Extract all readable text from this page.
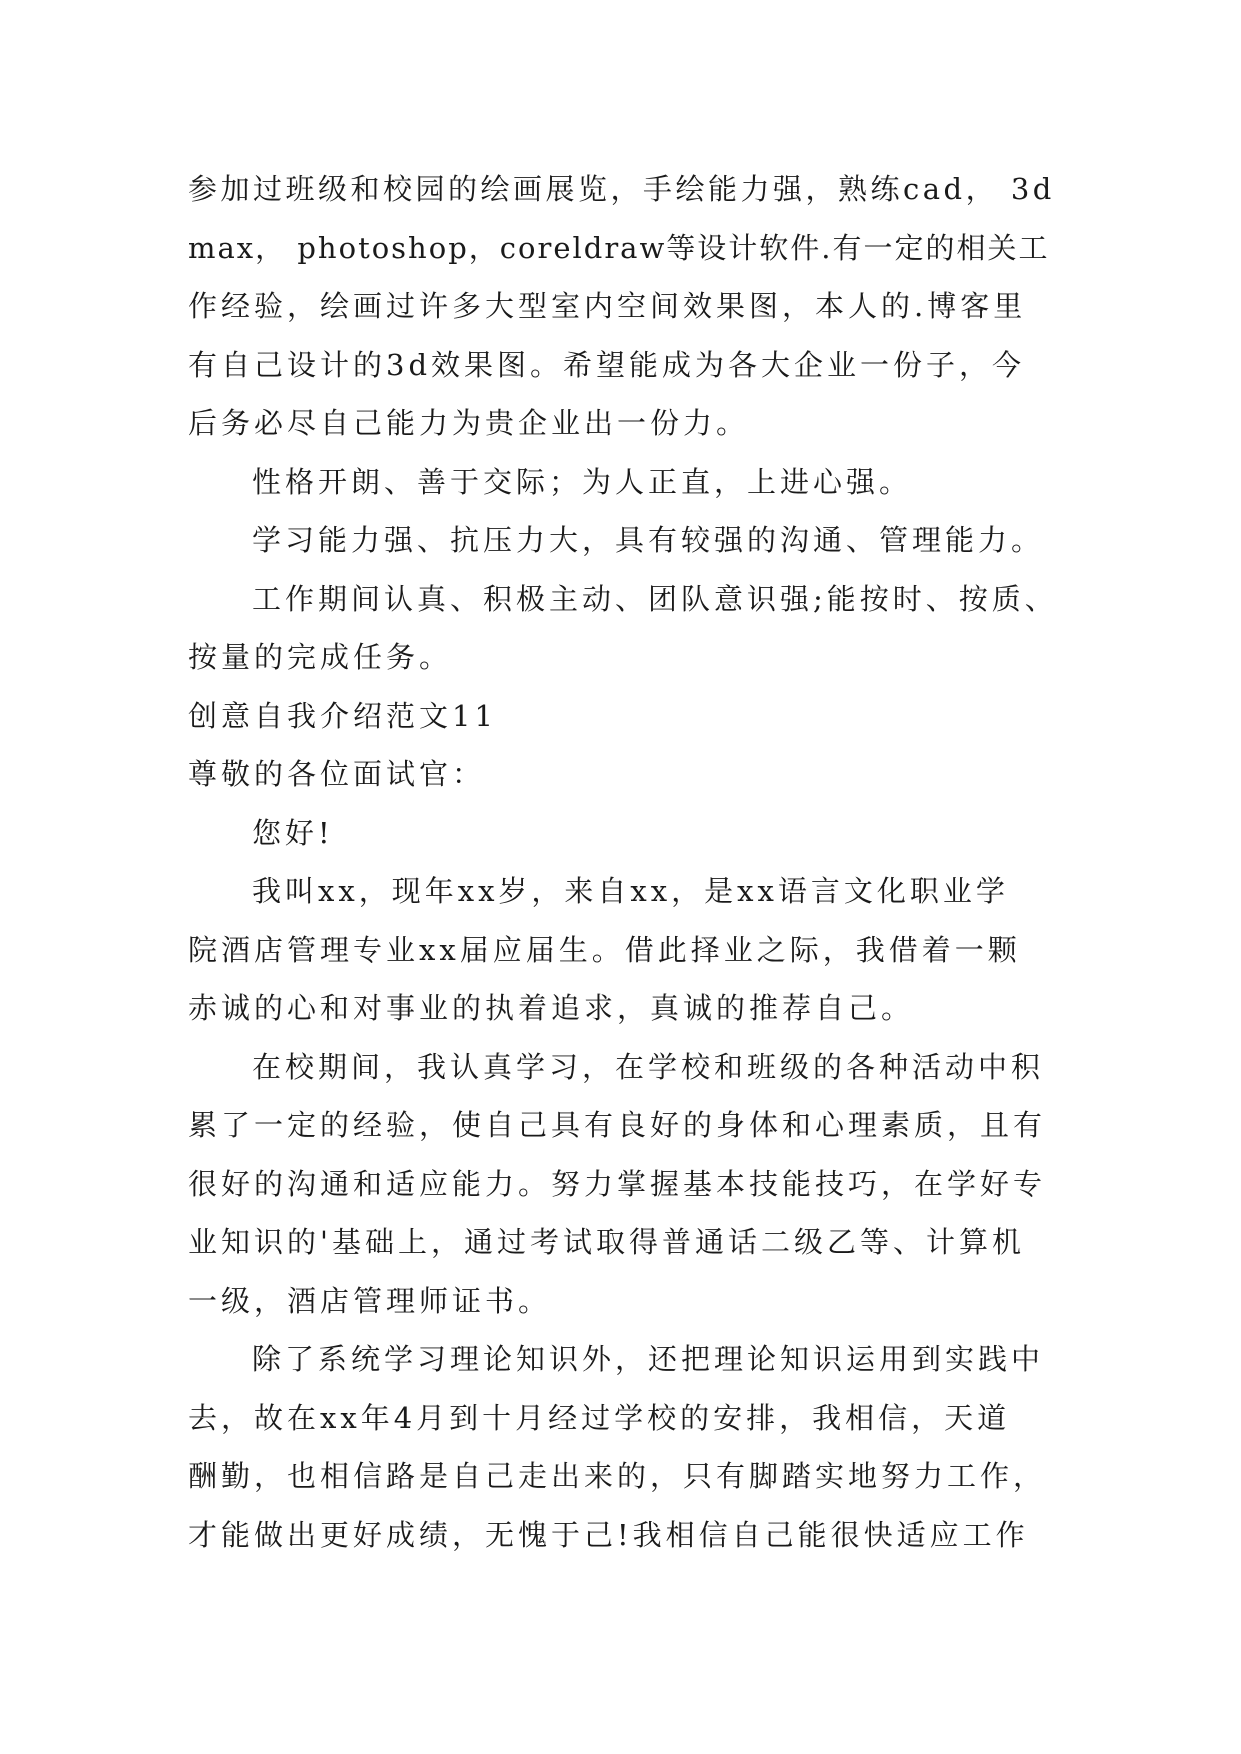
参加过班级和校园的绘画展览，手绘能力强，熟练cad， 3d
max， photoshop，coreldraw等设计软件.有一定的相关工
作经验，绘画过许多大型室内空间效果图，本人的.博客里
有自己设计的3d效果图。希望能成为各大企业一份子，今
后务必尽自己能力为贵企业出一份力。
性格开朗、善于交际；为人正直，上进心强。
学习能力强、抗压力大，具有较强的沟通、管理能力。
工作期间认真、积极主动、团队意识强;能按时、按质、
按量的完成任务。
创意自我介绍范文11
尊敬的各位面试官：
您好!
我叫xx，现年xx岁，来自xx，是xx语言文化职业学
院酒店管理专业xx届应届生。借此择业之际，我借着一颗
赤诚的心和对事业的执着追求，真诚的推荐自己。
在校期间，我认真学习，在学校和班级的各种活动中积
累了一定的经验，使自己具有良好的身体和心理素质，且有
很好的沟通和适应能力。努力掌握基本技能技巧，在学好专
业知识的'基础上，通过考试取得普通话二级乙等、计算机
一级，酒店管理师证书。
除了系统学习理论知识外，还把理论知识运用到实践中
去，故在xx年4月到十月经过学校的安排，我相信，天道
酬勤，也相信路是自己走出来的，只有脚踏实地努力工作，
才能做出更好成绩，无愧于己!我相信自己能很快适应工作
